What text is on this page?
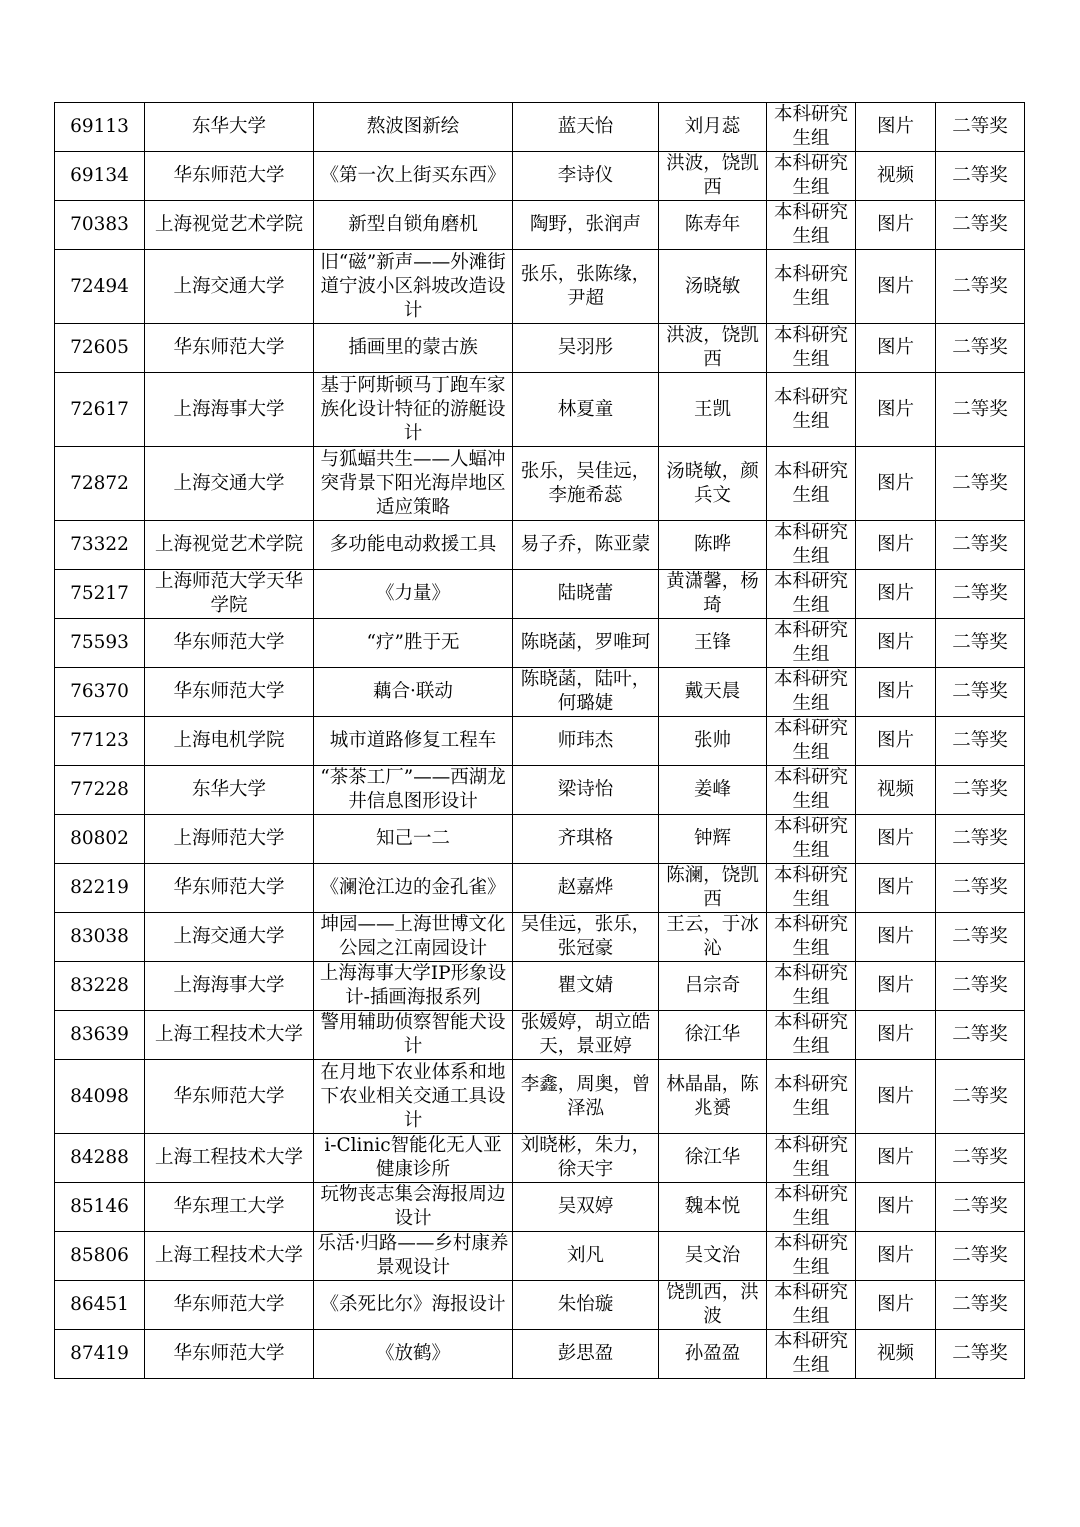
69113	东华大学	熬波图新绘	蓝天怡	刘月蕊	本科研究生组	图片	二等奖
69134	华东师范大学	《第一次上街买东西》	李诗仪	洪波，饶凯西	本科研究生组	视频	二等奖
70383	上海视觉艺术学院	新型自锁角磨机	陶野，张润声	陈寿年	本科研究生组	图片	二等奖
72494	上海交通大学	旧“磁”新声——外滩街道宁波小区斜坡改造设计	张乐，张陈缘，尹超	汤晓敏	本科研究生组	图片	二等奖
72605	华东师范大学	插画里的蒙古族	吴羽彤	洪波，饶凯西	本科研究生组	图片	二等奖
72617	上海海事大学	基于阿斯顿马丁跑车家族化设计特征的游艇设计	林夏童	王凯	本科研究生组	图片	二等奖
72872	上海交通大学	与狐蝠共生——人蝠冲突背景下阳光海岸地区适应策略	张乐，吴佳远，李施希蕊	汤晓敏，颜兵文	本科研究生组	图片	二等奖
73322	上海视觉艺术学院	多功能电动救援工具	易子乔，陈亚蒙	陈晔	本科研究生组	图片	二等奖
75217	上海师范大学天华学院	《力量》	陆晓蕾	黄潇馨，杨琦	本科研究生组	图片	二等奖
75593	华东师范大学	“疗”胜于无	陈晓菡，罗唯珂	王锋	本科研究生组	图片	二等奖
76370	华东师范大学	藕合·联动	陈晓菡，陆叶，何璐婕	戴天晨	本科研究生组	图片	二等奖
77123	上海电机学院	城市道路修复工程车	师玮杰	张帅	本科研究生组	图片	二等奖
77228	东华大学	“茶茶工厂”——西湖龙井信息图形设计	梁诗怡	姜峰	本科研究生组	视频	二等奖
80802	上海师范大学	知己一二	齐琪格	钟辉	本科研究生组	图片	二等奖
82219	华东师范大学	《澜沧江边的金孔雀》	赵嘉烨	陈澜，饶凯西	本科研究生组	图片	二等奖
83038	上海交通大学	坤园——上海世博文化公园之江南园设计	吴佳远，张乐，张冠豪	王云，于冰沁	本科研究生组	图片	二等奖
83228	上海海事大学	上海海事大学IP形象设计-插画海报系列	瞿文婧	吕宗奇	本科研究生组	图片	二等奖
83639	上海工程技术大学	警用辅助侦察智能犬设计	张媛婷，胡立皓天，景亚婷	徐江华	本科研究生组	图片	二等奖
84098	华东师范大学	在月地下农业体系和地下农业相关交通工具设计	李鑫，周奥，曾泽泓	林晶晶，陈兆赟	本科研究生组	图片	二等奖
84288	上海工程技术大学	i-Clinic智能化无人亚健康诊所	刘晓彬，朱力，徐天宇	徐江华	本科研究生组	图片	二等奖
85146	华东理工大学	玩物丧志集会海报周边设计	吴双婷	魏本悦	本科研究生组	图片	二等奖
85806	上海工程技术大学	乐活·归路——乡村康养景观设计	刘凡	吴文治	本科研究生组	图片	二等奖
86451	华东师范大学	《杀死比尔》海报设计	朱怡璇	饶凯西，洪波	本科研究生组	图片	二等奖
87419	华东师范大学	《放鹤》	彭思盈	孙盈盈	本科研究生组	视频	二等奖
